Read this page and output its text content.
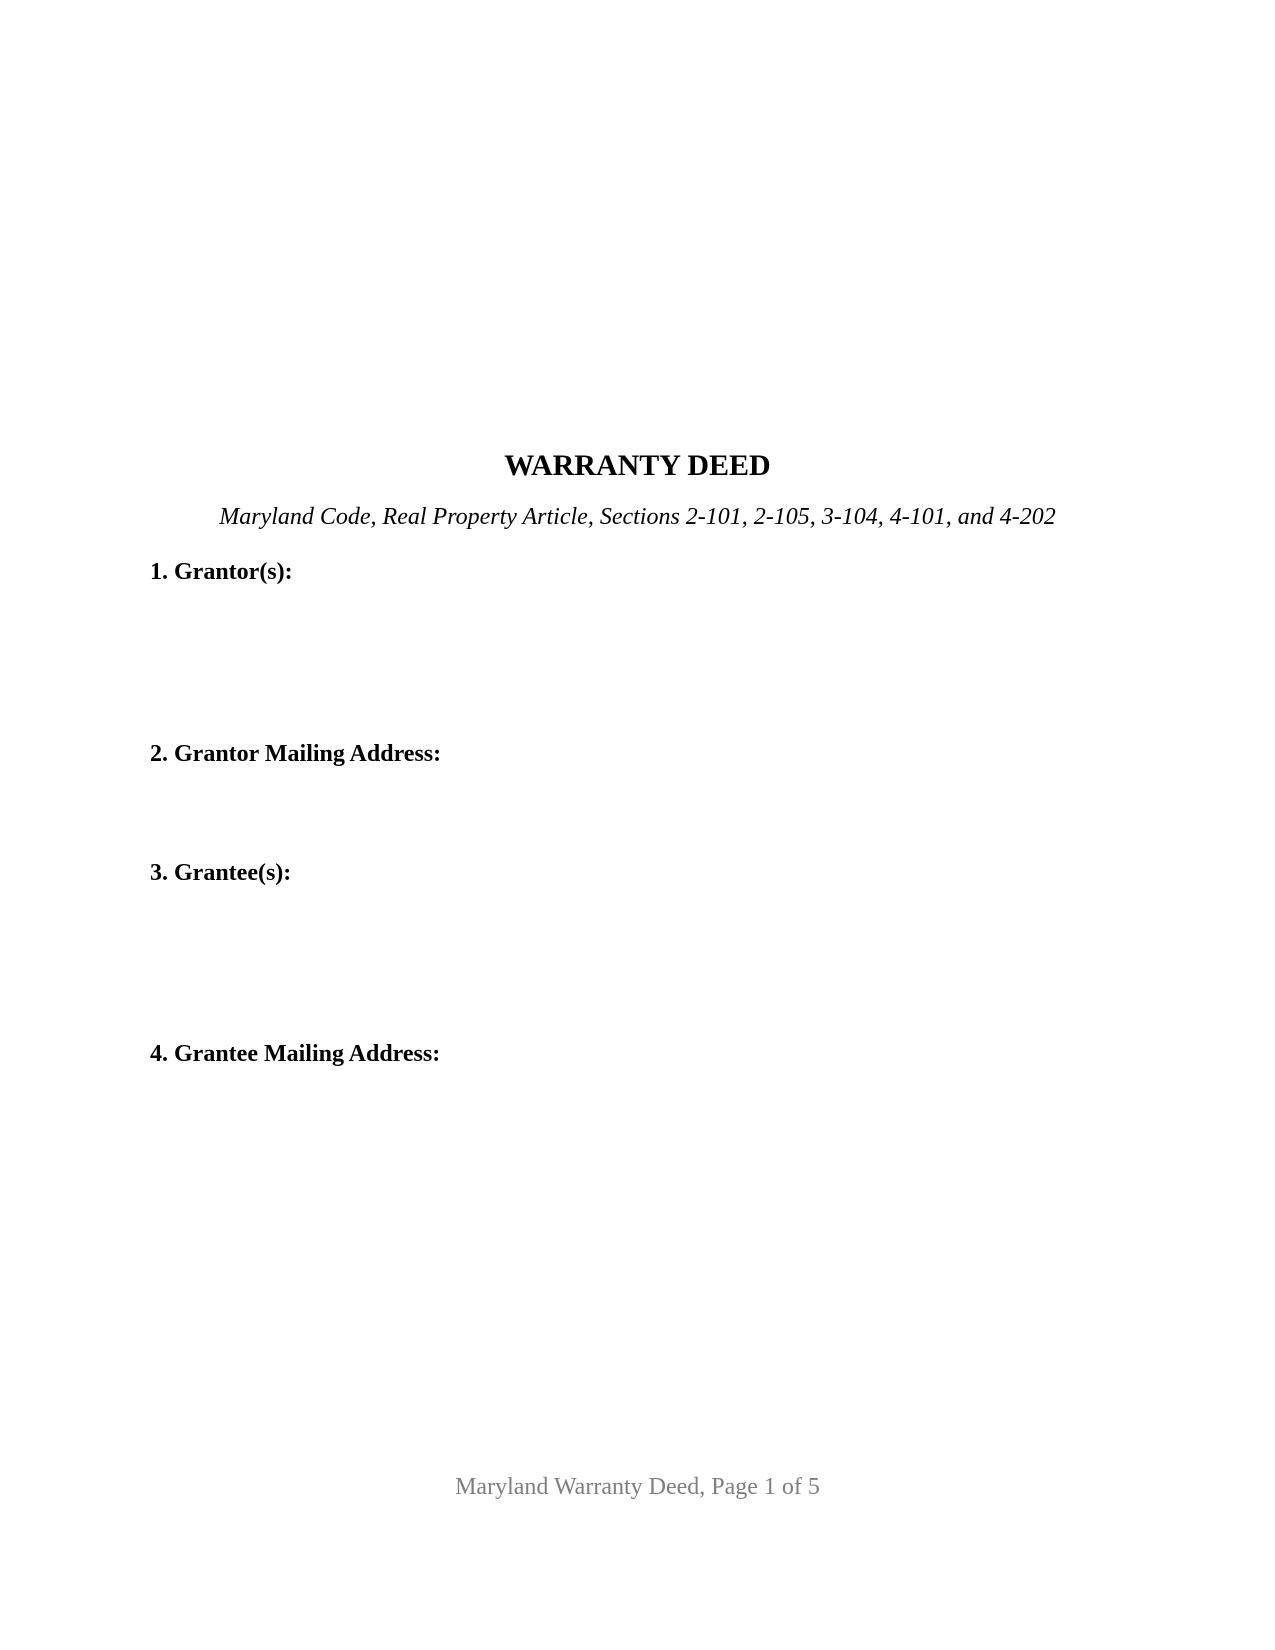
WARRANTY DEED
Maryland Code, Real Property Article, Sections 2-101, 2-105, 3-104, 4-101, and 4-202
1. Grantor(s):
2. Grantor Mailing Address:
3. Grantee(s):
4. Grantee Mailing Address:
Maryland Warranty Deed, Page 1 of 5
